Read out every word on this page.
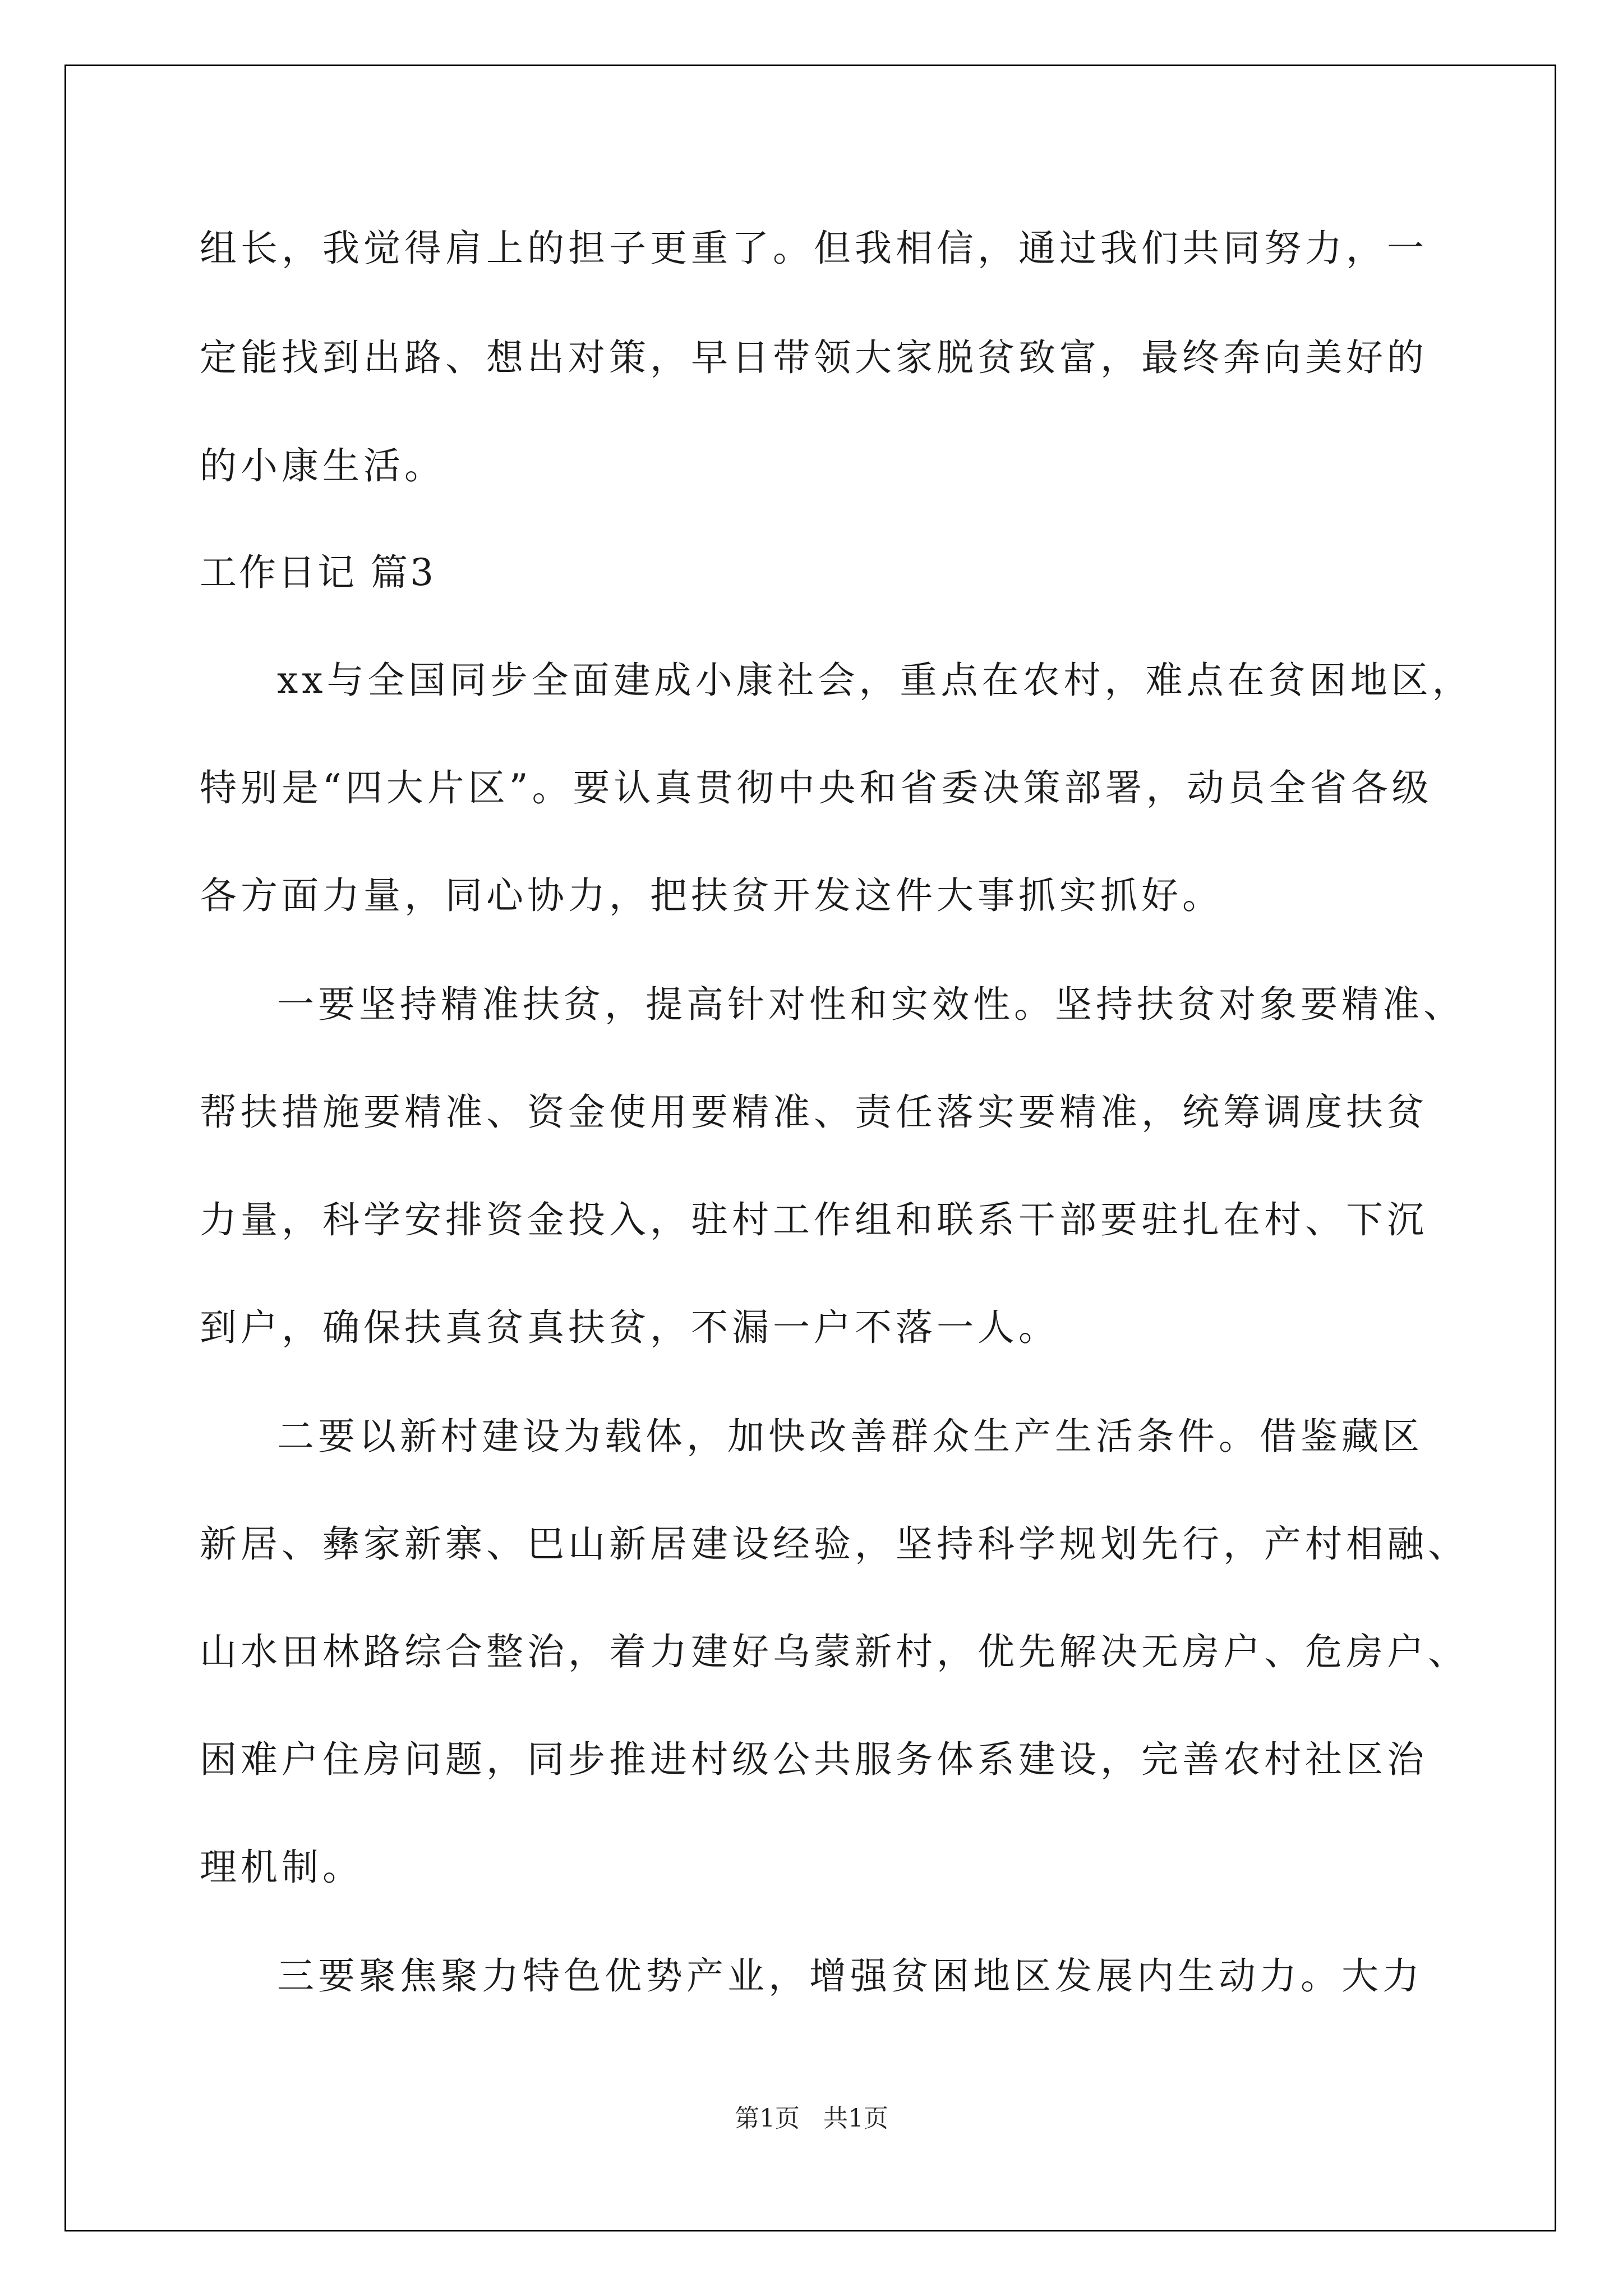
组长，我觉得肩上的担子更重了。但我相信，通过我们共同努力，一
定能找到出路、想出对策，早日带领大家脱贫致富，最终奔向美好的
的小康生活。
工作日记 篇3
xx与全国同步全面建成小康社会，重点在农村，难点在贫困地区，
特别是“四大片区”。要认真贯彻中央和省委决策部署，动员全省各级
各方面力量，同心协力，把扶贫开发这件大事抓实抓好。
一要坚持精准扶贫，提高针对性和实效性。坚持扶贫对象要精准、
帮扶措施要精准、资金使用要精准、责任落实要精准，统筹调度扶贫
力量，科学安排资金投入，驻村工作组和联系干部要驻扎在村、下沉
到户，确保扶真贫真扶贫，不漏一户不落一人。
二要以新村建设为载体，加快改善群众生产生活条件。借鉴藏区
新居、彝家新寨、巴山新居建设经验，坚持科学规划先行，产村相融、
山水田林路综合整治，着力建好乌蒙新村，优先解决无房户、危房户、
困难户住房问题，同步推进村级公共服务体系建设，完善农村社区治
理机制。
三要聚焦聚力特色优势产业，增强贫困地区发展内生动力。大力
第1页 共1页
